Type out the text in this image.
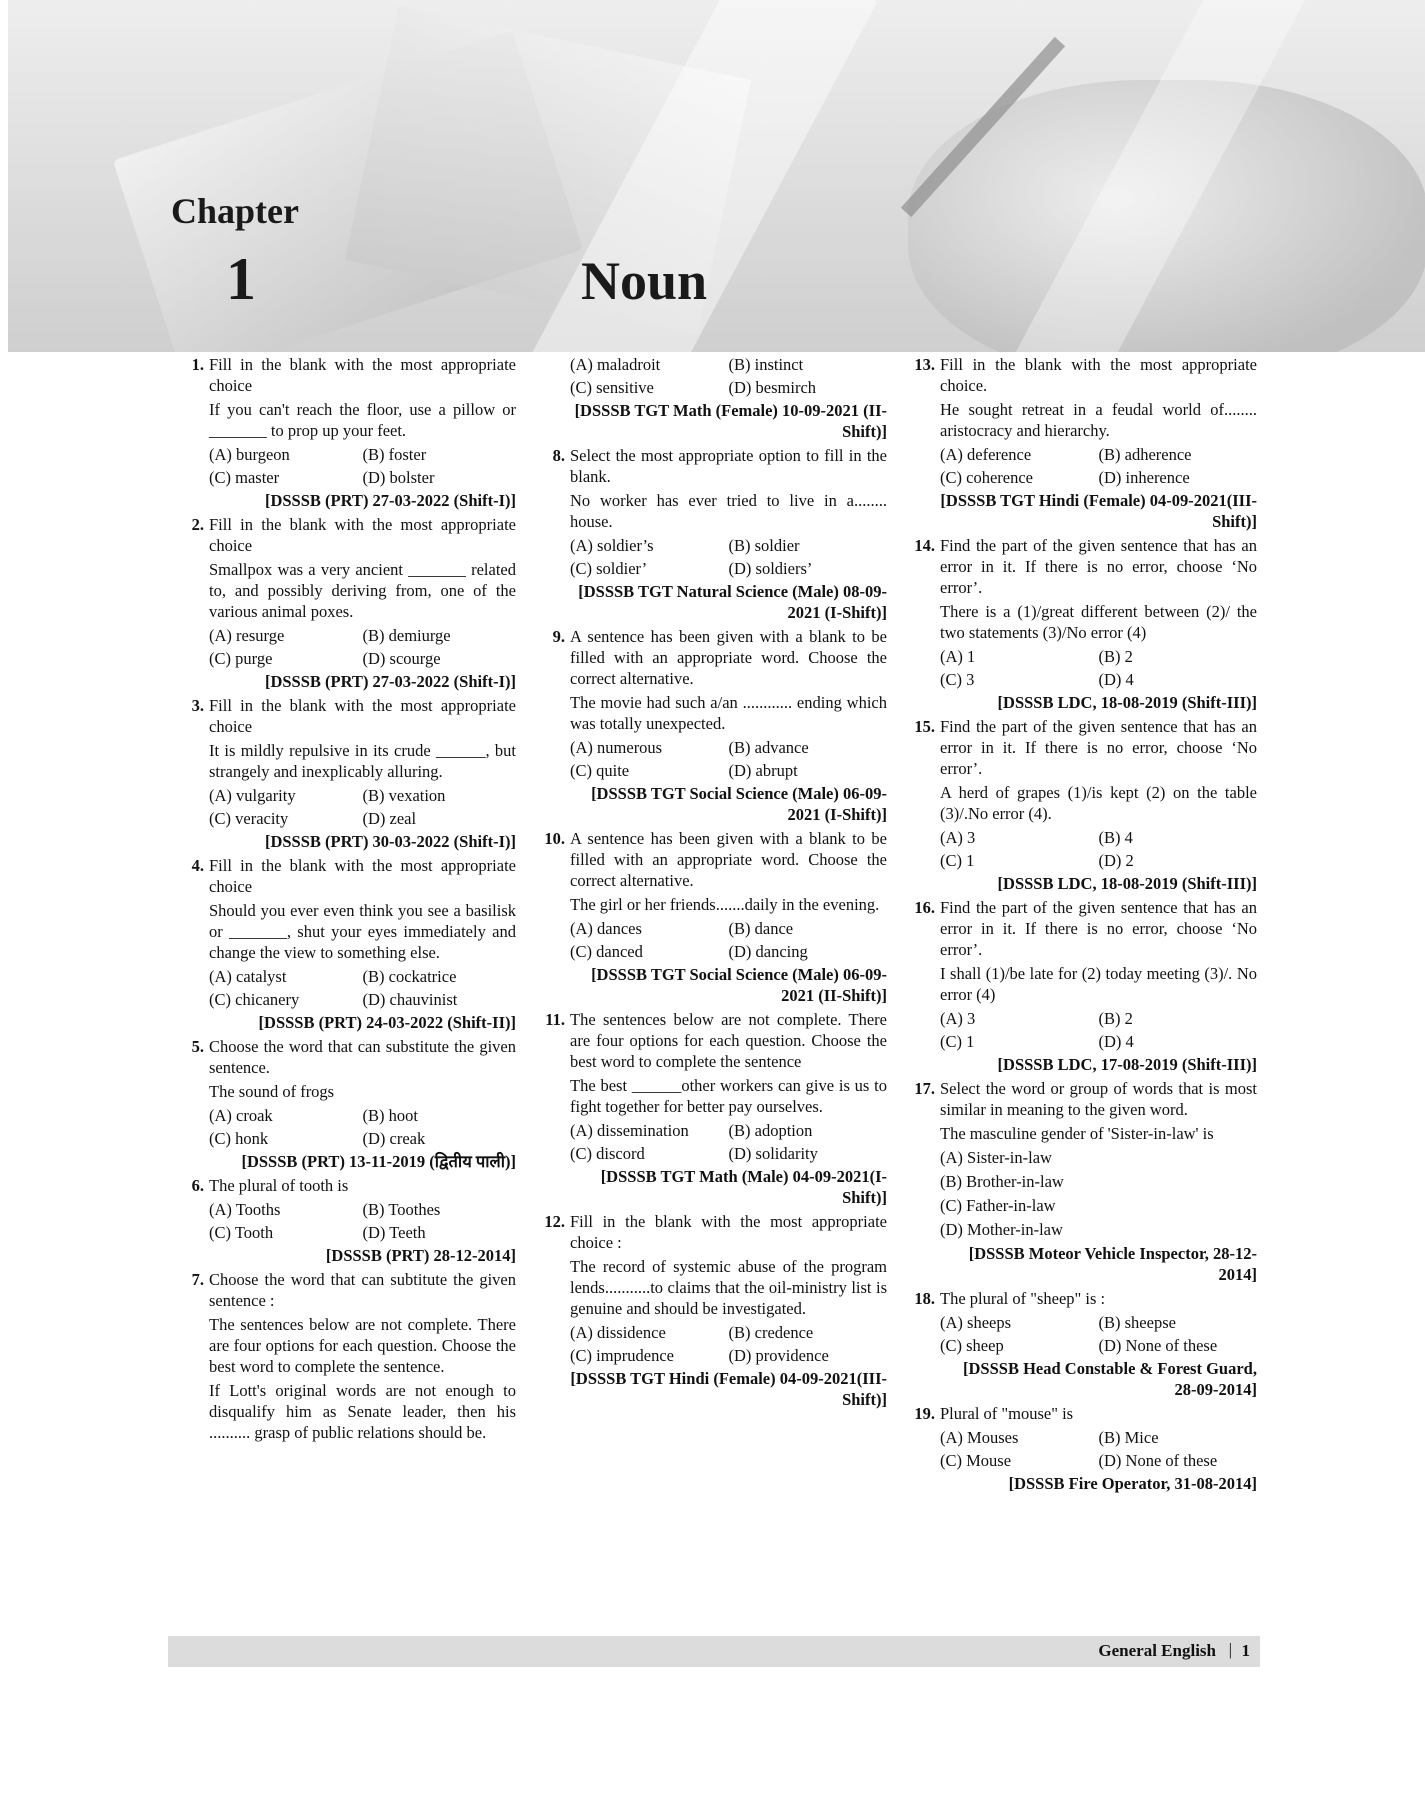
Chapter
1	Noun
1. Fill in the blank with the most appropriate choice
If you can't reach the floor, use a pillow or _______ to prop up your feet.
(A) burgeon	(B) foster
(C) master	(D) bolster
[DSSSB (PRT) 27-03-2022 (Shift-I)]
2. Fill in the blank with the most appropriate choice
Smallpox was a very ancient _______ related to, and possibly deriving from, one of the various animal poxes.
(A) resurge	(B) demiurge
(C) purge	(D) scourge
[DSSSB (PRT) 27-03-2022 (Shift-I)]
3. Fill in the blank with the most appropriate choice
It is mildly repulsive in its crude ______, but strangely and inexplicably alluring.
(A) vulgarity	(B) vexation
(C) veracity	(D) zeal
[DSSSB (PRT) 30-03-2022 (Shift-I)]
4. Fill in the blank with the most appropriate choice
Should you ever even think you see a basilisk or _______, shut your eyes immediately and change the view to something else.
(A) catalyst	(B) cockatrice
(C) chicanery	(D) chauvinist
[DSSSB (PRT) 24-03-2022 (Shift-II)]
5. Choose the word that can substitute the given sentence.
The sound of frogs
(A) croak	(B) hoot
(C) honk	(D) creak
[DSSSB (PRT) 13-11-2019 (द्वितीय पाली)]
6. The plural of tooth is
(A) Tooths	(B) Toothes
(C) Tooth	(D) Teeth
[DSSSB (PRT) 28-12-2014]
7. Choose the word that can subtitute the given sentence :
The sentences below are not complete. There are four options for each question. Choose the best word to complete the sentence.
If Lott's original words are not enough to disqualify him as Senate leader, then his .......... grasp of public relations should be.
(A) maladroit	(B) instinct
(C) sensitive	(D) besmirch
[DSSSB TGT Math (Female) 10-09-2021 (II-Shift)]
8. Select the most appropriate option to fill in the blank.
No worker has ever tried to live in a........ house.
(A) soldier’s	(B) soldier
(C) soldier’	(D) soldiers’
[DSSSB TGT Natural Science (Male) 08-09-2021 (I-Shift)]
9. A sentence has been given with a blank to be filled with an appropriate word. Choose the correct alternative.
The movie had such a/an ............ ending which was totally unexpected.
(A) numerous	(B) advance
(C) quite	(D) abrupt
[DSSSB TGT Social Science (Male) 06-09-2021 (I-Shift)]
10. A sentence has been given with a blank to be filled with an appropriate word. Choose the correct alternative.
The girl or her friends.......daily in the evening.
(A) dances	(B) dance
(C) danced	(D) dancing
[DSSSB TGT Social Science (Male) 06-09-2021 (II-Shift)]
11. The sentences below are not complete. There are four options for each question. Choose the best word to complete the sentence
The best ______other workers can give is us to fight together for better pay ourselves.
(A) dissemination	(B) adoption
(C) discord	(D) solidarity
[DSSSB TGT Math (Male) 04-09-2021(I-Shift)]
12. Fill in the blank with the most appropriate choice :
The record of systemic abuse of the program lends...........to claims that the oil-ministry list is genuine and should be investigated.
(A) dissidence	(B) credence
(C) imprudence	(D) providence
[DSSSB TGT Hindi (Female) 04-09-2021(III-Shift)]
13. Fill in the blank with the most appropriate choice.
He sought retreat in a feudal world of........ aristocracy and hierarchy.
(A) deference	(B) adherence
(C) coherence	(D) inherence
[DSSSB TGT Hindi (Female) 04-09-2021(III-Shift)]
14. Find the part of the given sentence that has an error in it. If there is no error, choose ‘No error’.
There is a (1)/great different between (2)/ the two statements (3)/No error (4)
(A) 1	(B) 2
(C) 3	(D) 4
[DSSSB LDC, 18-08-2019 (Shift-III)]
15. Find the part of the given sentence that has an error in it. If there is no error, choose ‘No error’.
A herd of grapes (1)/is kept (2) on the table (3)/.No error (4).
(A) 3	(B) 4
(C) 1	(D) 2
[DSSSB LDC, 18-08-2019 (Shift-III)]
16. Find the part of the given sentence that has an error in it. If there is no error, choose ‘No error’.
I shall (1)/be late for (2) today meeting (3)/. No error (4)
(A) 3	(B) 2
(C) 1	(D) 4
[DSSSB LDC, 17-08-2019 (Shift-III)]
17. Select the word or group of words that is most similar in meaning to the given word.
The masculine gender of 'Sister-in-law' is
(A) Sister-in-law
(B) Brother-in-law
(C) Father-in-law
(D) Mother-in-law
[DSSSB Moteor Vehicle Inspector, 28-12-2014]
18. The plural of "sheep" is :
(A) sheeps	(B) sheepse
(C) sheep	(D) None of these
[DSSSB Head Constable & Forest Guard, 28-09-2014]
19. Plural of "mouse" is
(A) Mouses	(B) Mice
(C) Mouse	(D) None of these
[DSSSB Fire Operator, 31-08-2014]
General English | 1
